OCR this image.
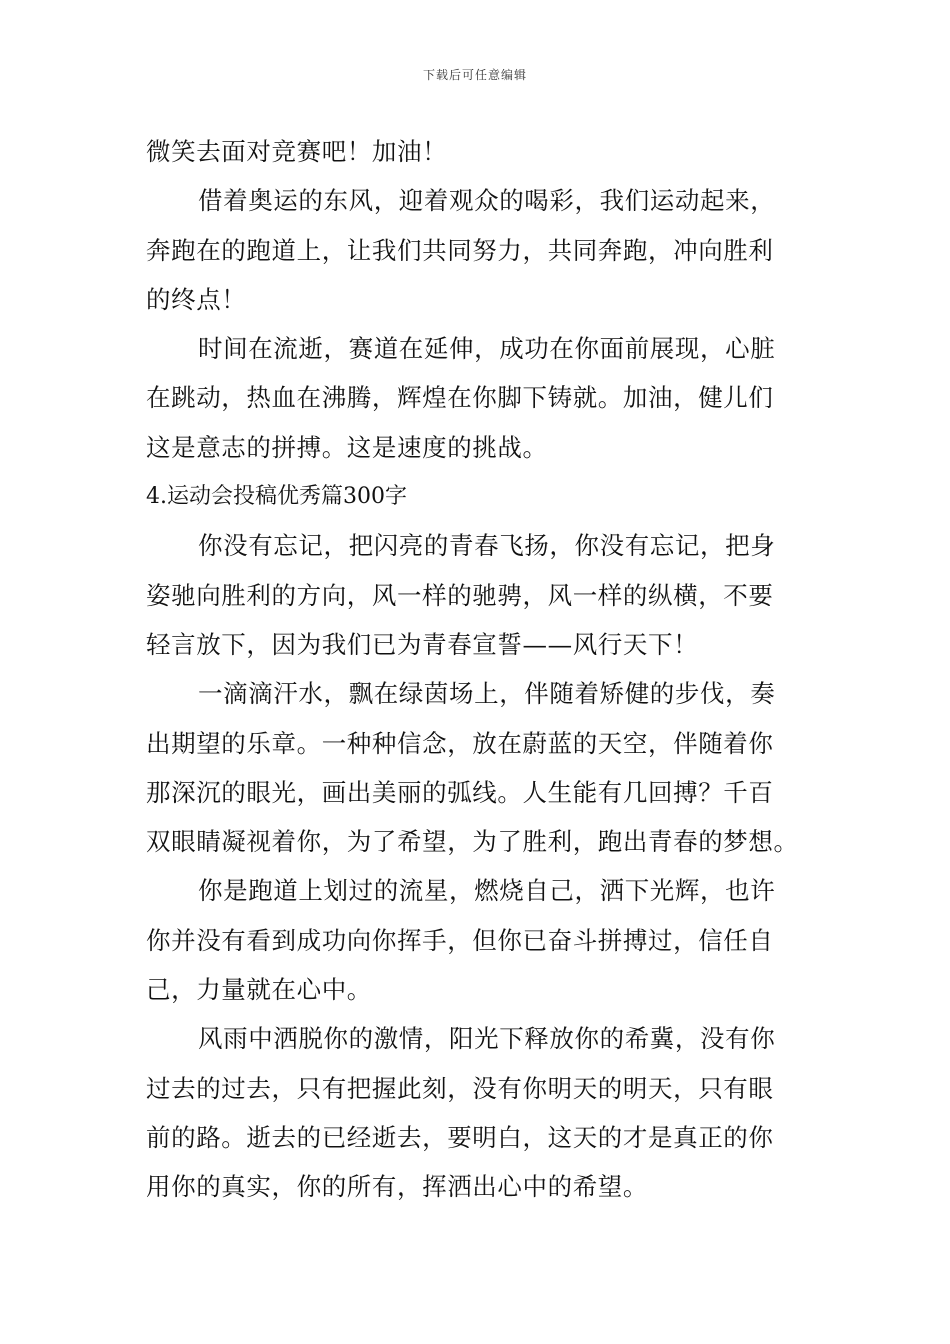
下载后可任意编辑
微笑去面对竞赛吧！加油！
借着奥运的东风，迎着观众的喝彩，我们运动起来，
奔跑在的跑道上，让我们共同努力，共同奔跑，冲向胜利
的终点！
时间在流逝，赛道在延伸，成功在你面前展现，心脏
在跳动，热血在沸腾，辉煌在你脚下铸就。加油，健儿们
这是意志的拼搏。这是速度的挑战。
4.运动会投稿优秀篇300字
你没有忘记，把闪亮的青春飞扬，你没有忘记，把身
姿驰向胜利的方向，风一样的驰骋，风一样的纵横，不要
轻言放下，因为我们已为青春宣誓——风行天下！
一滴滴汗水，飘在绿茵场上，伴随着矫健的步伐，奏
出期望的乐章。一种种信念，放在蔚蓝的天空，伴随着你
那深沉的眼光，画出美丽的弧线。人生能有几回搏？千百
双眼睛凝视着你，为了希望，为了胜利，跑出青春的梦想。
你是跑道上划过的流星，燃烧自己，洒下光辉，也许
你并没有看到成功向你挥手，但你已奋斗拼搏过，信任自
己，力量就在心中。
风雨中洒脱你的激情，阳光下释放你的希冀，没有你
过去的过去，只有把握此刻，没有你明天的明天，只有眼
前的路。逝去的已经逝去，要明白，这天的才是真正的你
用你的真实，你的所有，挥洒出心中的希望。
